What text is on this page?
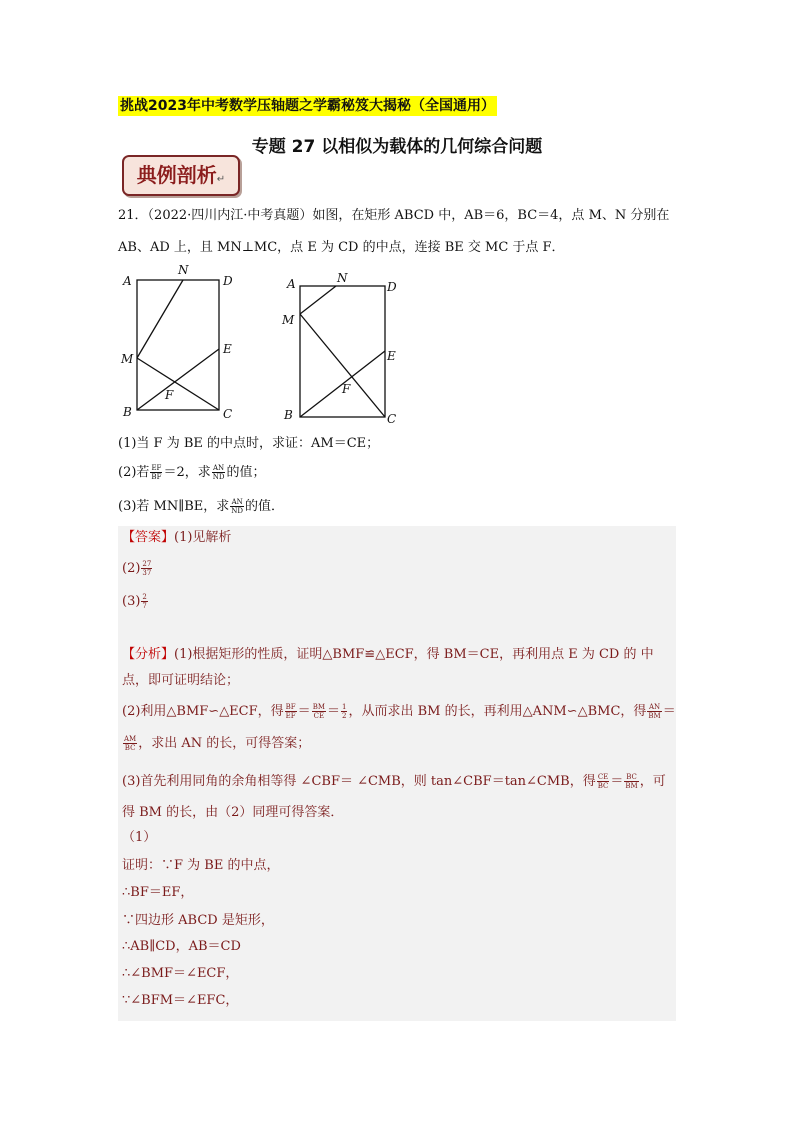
挑战2023年中考数学压轴题之学霸秘笈大揭秘（全国通用）
专题 27 以相似为载体的几何综合问题
典例剖析↵
21．（2022·四川内江·中考真题）如图，在矩形 ABCD 中，AB＝6，BC＝4，点 M、N 分别在
AB、AD 上，且 MN⊥MC，点 E 为 CD 的中点，连接 BE 交 MC 于点 F．
A
N
D
M
E
F
B	C
A	N
D
M
E
F
B	C
(1)当 F 为 BE 的中点时，求证：AM＝CE；
(2)若 $\frac{EF}{BF} =2$，求 $\frac{AN}{ND}$ 的值；
(3)若 MN∥BE，求 $\frac{AN}{ND}$ 的值．
【答案】(1)见解析
$(2) \frac{27}{37}$
$(3) \frac{2}{7}$
【分析】(1)根据矩形的性质，证明△BMF≌△ECF，得 BM＝CE，再利用点 E 为 CD 的 中
点，即可证明结论；
(2)利用△BMF∽△ECF，得 $\frac{BF}{EF} = \frac{BM}{CE} = \frac{1}{2}$ ，从而求出 BM 的长，再利用△ANM∽△BMC，得 $\frac{AN}{BM}$ ＝
$\frac{AM}{BC}$ ，求出 AN 的长，可得答案；
(3)首先利用同角的余角相等得 ∠CBF＝ ∠CMB，则 tan∠CBF＝tan∠CMB，得 $\frac{CE}{BC} = \frac{BC}{BM}$ ，可
得 BM 的长，由（2）同理可得答案．
（1）
证明：∵F 为 BE 的中点，
∴BF＝EF，
∵四边形 ABCD 是矩形，
∴AB∥CD，AB＝CD
∴∠BMF＝∠ECF，
∵∠BFM＝∠EFC，
